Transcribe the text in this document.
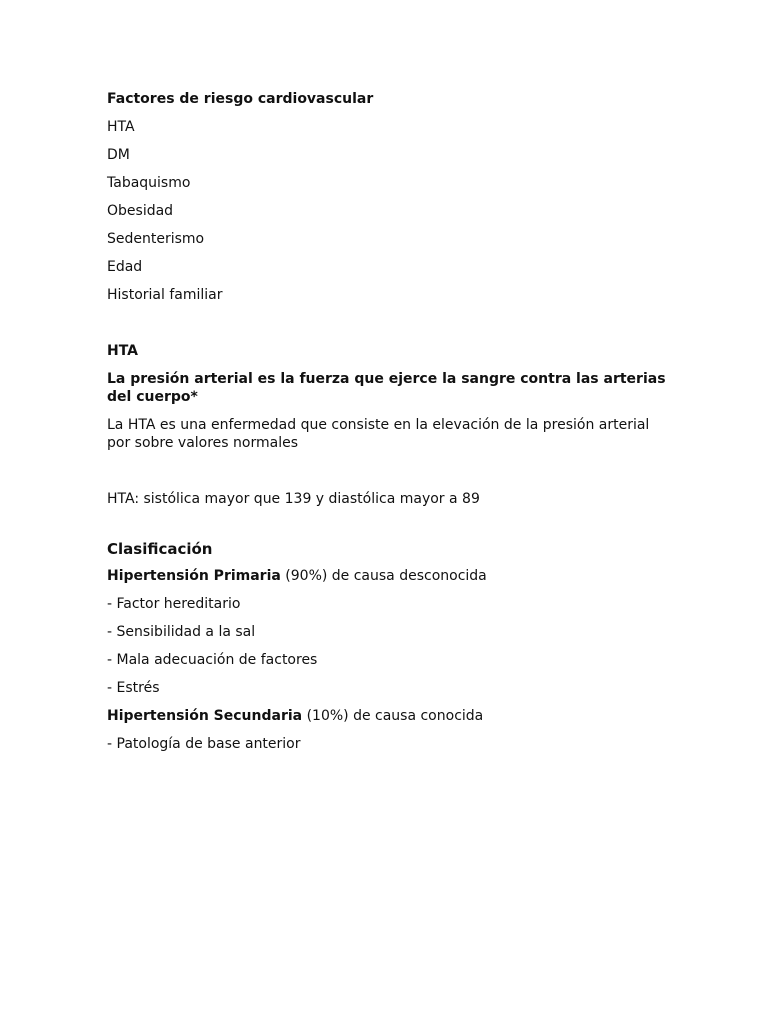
Factores de riesgo cardiovascular

HTA

DM

Tabaquismo

Obesidad

Sedenterismo

Edad

Historial familiar

HTA

La presión arterial es la fuerza que ejerce la sangre contra las arterias del cuerpo*

La HTA es una enfermedad que consiste en la elevación de la presión arterial por sobre valores normales

HTA: sistólica mayor que 139 y diastólica mayor a 89

Clasificación

Hipertensión Primaria (90%) de causa desconocida

- Factor hereditario

- Sensibilidad a la sal

- Mala adecuación de factores

- Estrés

Hipertensión Secundaria (10%) de causa conocida

- Patología de base anterior
